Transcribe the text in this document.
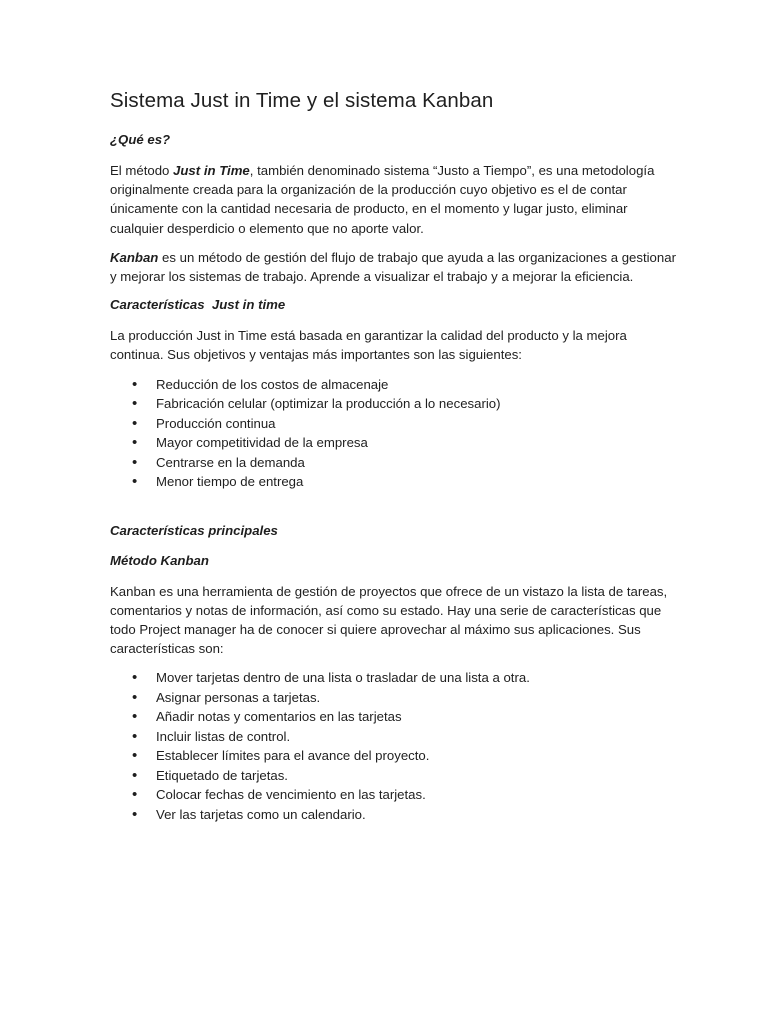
Sistema Just in Time y el sistema Kanban
¿Qué es?

El método Just in Time, también denominado sistema “Justo a Tiempo”, es una metodología originalmente creada para la organización de la producción cuyo objetivo es el de contar únicamente con la cantidad necesaria de producto, en el momento y lugar justo, eliminar cualquier desperdicio o elemento que no aporte valor.

Kanban es un método de gestión del flujo de trabajo que ayuda a las organizaciones a gestionar y mejorar los sistemas de trabajo. Aprende a visualizar el trabajo y a mejorar la eficiencia.

Características  Just in time

La producción Just in Time está basada en garantizar la calidad del producto y la mejora continua. Sus objetivos y ventajas más importantes son las siguientes:

• Reducción de los costos de almacenaje
• Fabricación celular (optimizar la producción a lo necesario)
• Producción continua
• Mayor competitividad de la empresa
• Centrarse en la demanda
• Menor tiempo de entrega
Características principales
Método Kanban

Kanban es una herramienta de gestión de proyectos que ofrece de un vistazo la lista de tareas, comentarios y notas de información, así como su estado. Hay una serie de características que todo Project manager ha de conocer si quiere aprovechar al máximo sus aplicaciones. Sus características son:

• Mover tarjetas dentro de una lista o trasladar de una lista a otra.
• Asignar personas a tarjetas.
• Añadir notas y comentarios en las tarjetas
• Incluir listas de control.
• Establecer límites para el avance del proyecto.
• Etiquetado de tarjetas.
• Colocar fechas de vencimiento en las tarjetas.
• Ver las tarjetas como un calendario.
